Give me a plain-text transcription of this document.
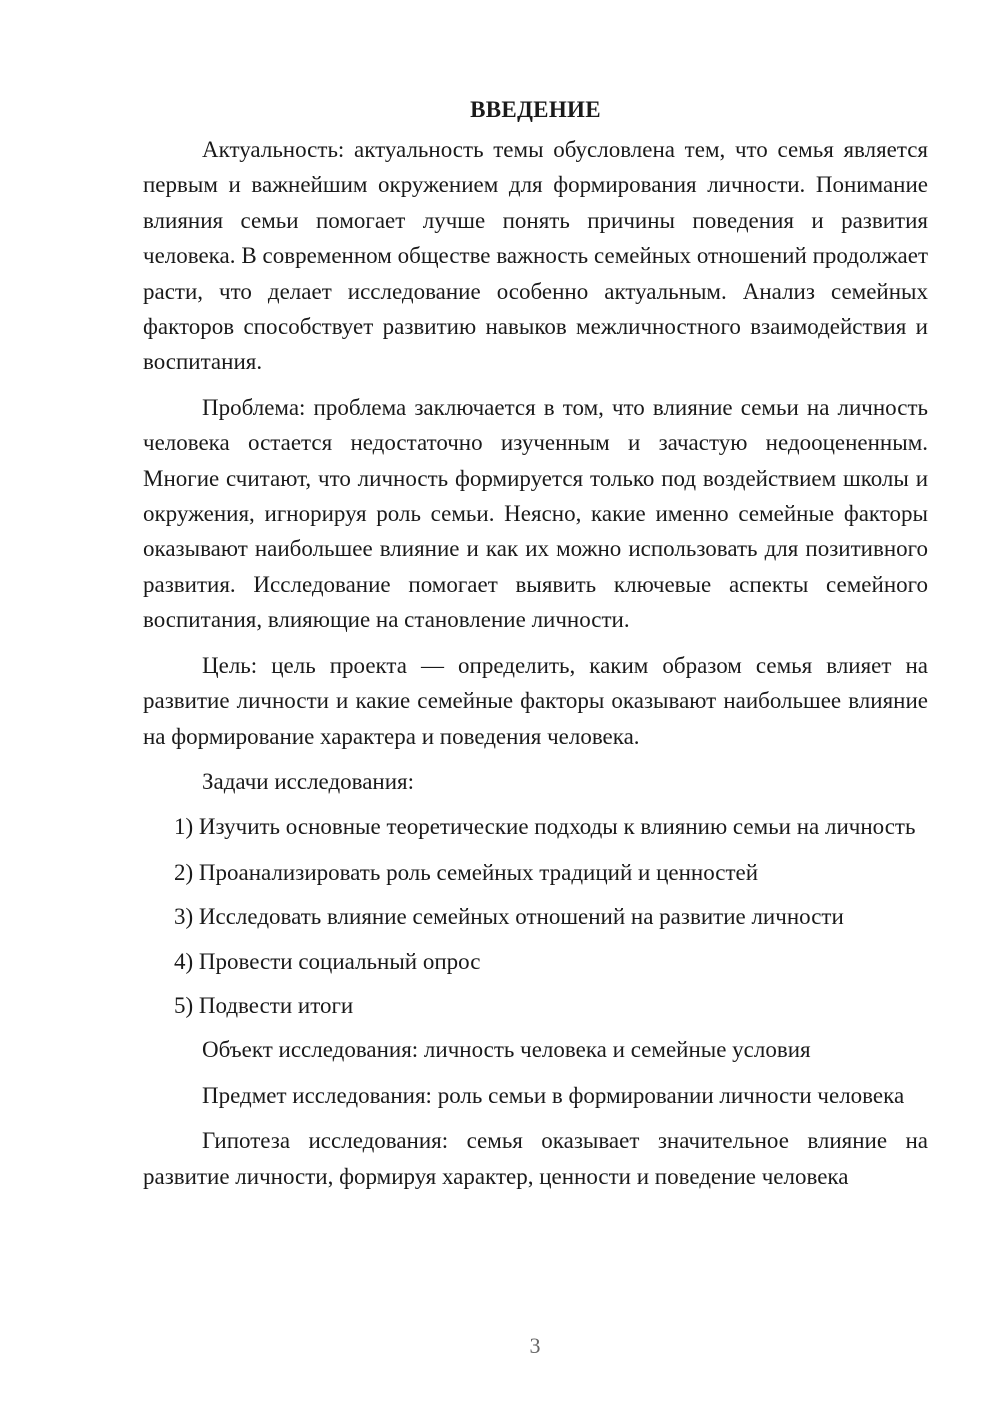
ВВЕДЕНИЕ

Актуальность: актуальность темы обусловлена тем, что семья является первым и важнейшим окружением для формирования личности. Понимание влияния семьи помогает лучше понять причины поведения и развития человека. В современном обществе важность семейных отношений продолжает расти, что делает исследование особенно актуальным. Анализ семейных факторов способствует развитию навыков межличностного взаимодействия и воспитания.

Проблема: проблема заключается в том, что влияние семьи на личность человека остается недостаточно изученным и зачастую недооцененным. Многие считают, что личность формируется только под воздействием школы и окружения, игнорируя роль семьи. Неясно, какие именно семейные факторы оказывают наибольшее влияние и как их можно использовать для позитивного развития. Исследование помогает выявить ключевые аспекты семейного воспитания, влияющие на становление личности.

Цель: цель проекта — определить, каким образом семья влияет на развитие личности и какие семейные факторы оказывают наибольшее влияние на формирование характера и поведения человека.

Задачи исследования:

1) Изучить основные теоретические подходы к влиянию семьи на личность

2) Проанализировать роль семейных традиций и ценностей

3) Исследовать влияние семейных отношений на развитие личности

4) Провести социальный опрос

5) Подвести итоги

Объект исследования: личность человека и семейные условия

Предмет исследования: роль семьи в формировании личности человека

Гипотеза исследования: семья оказывает значительное влияние на развитие личности, формируя характер, ценности и поведение человека

3
